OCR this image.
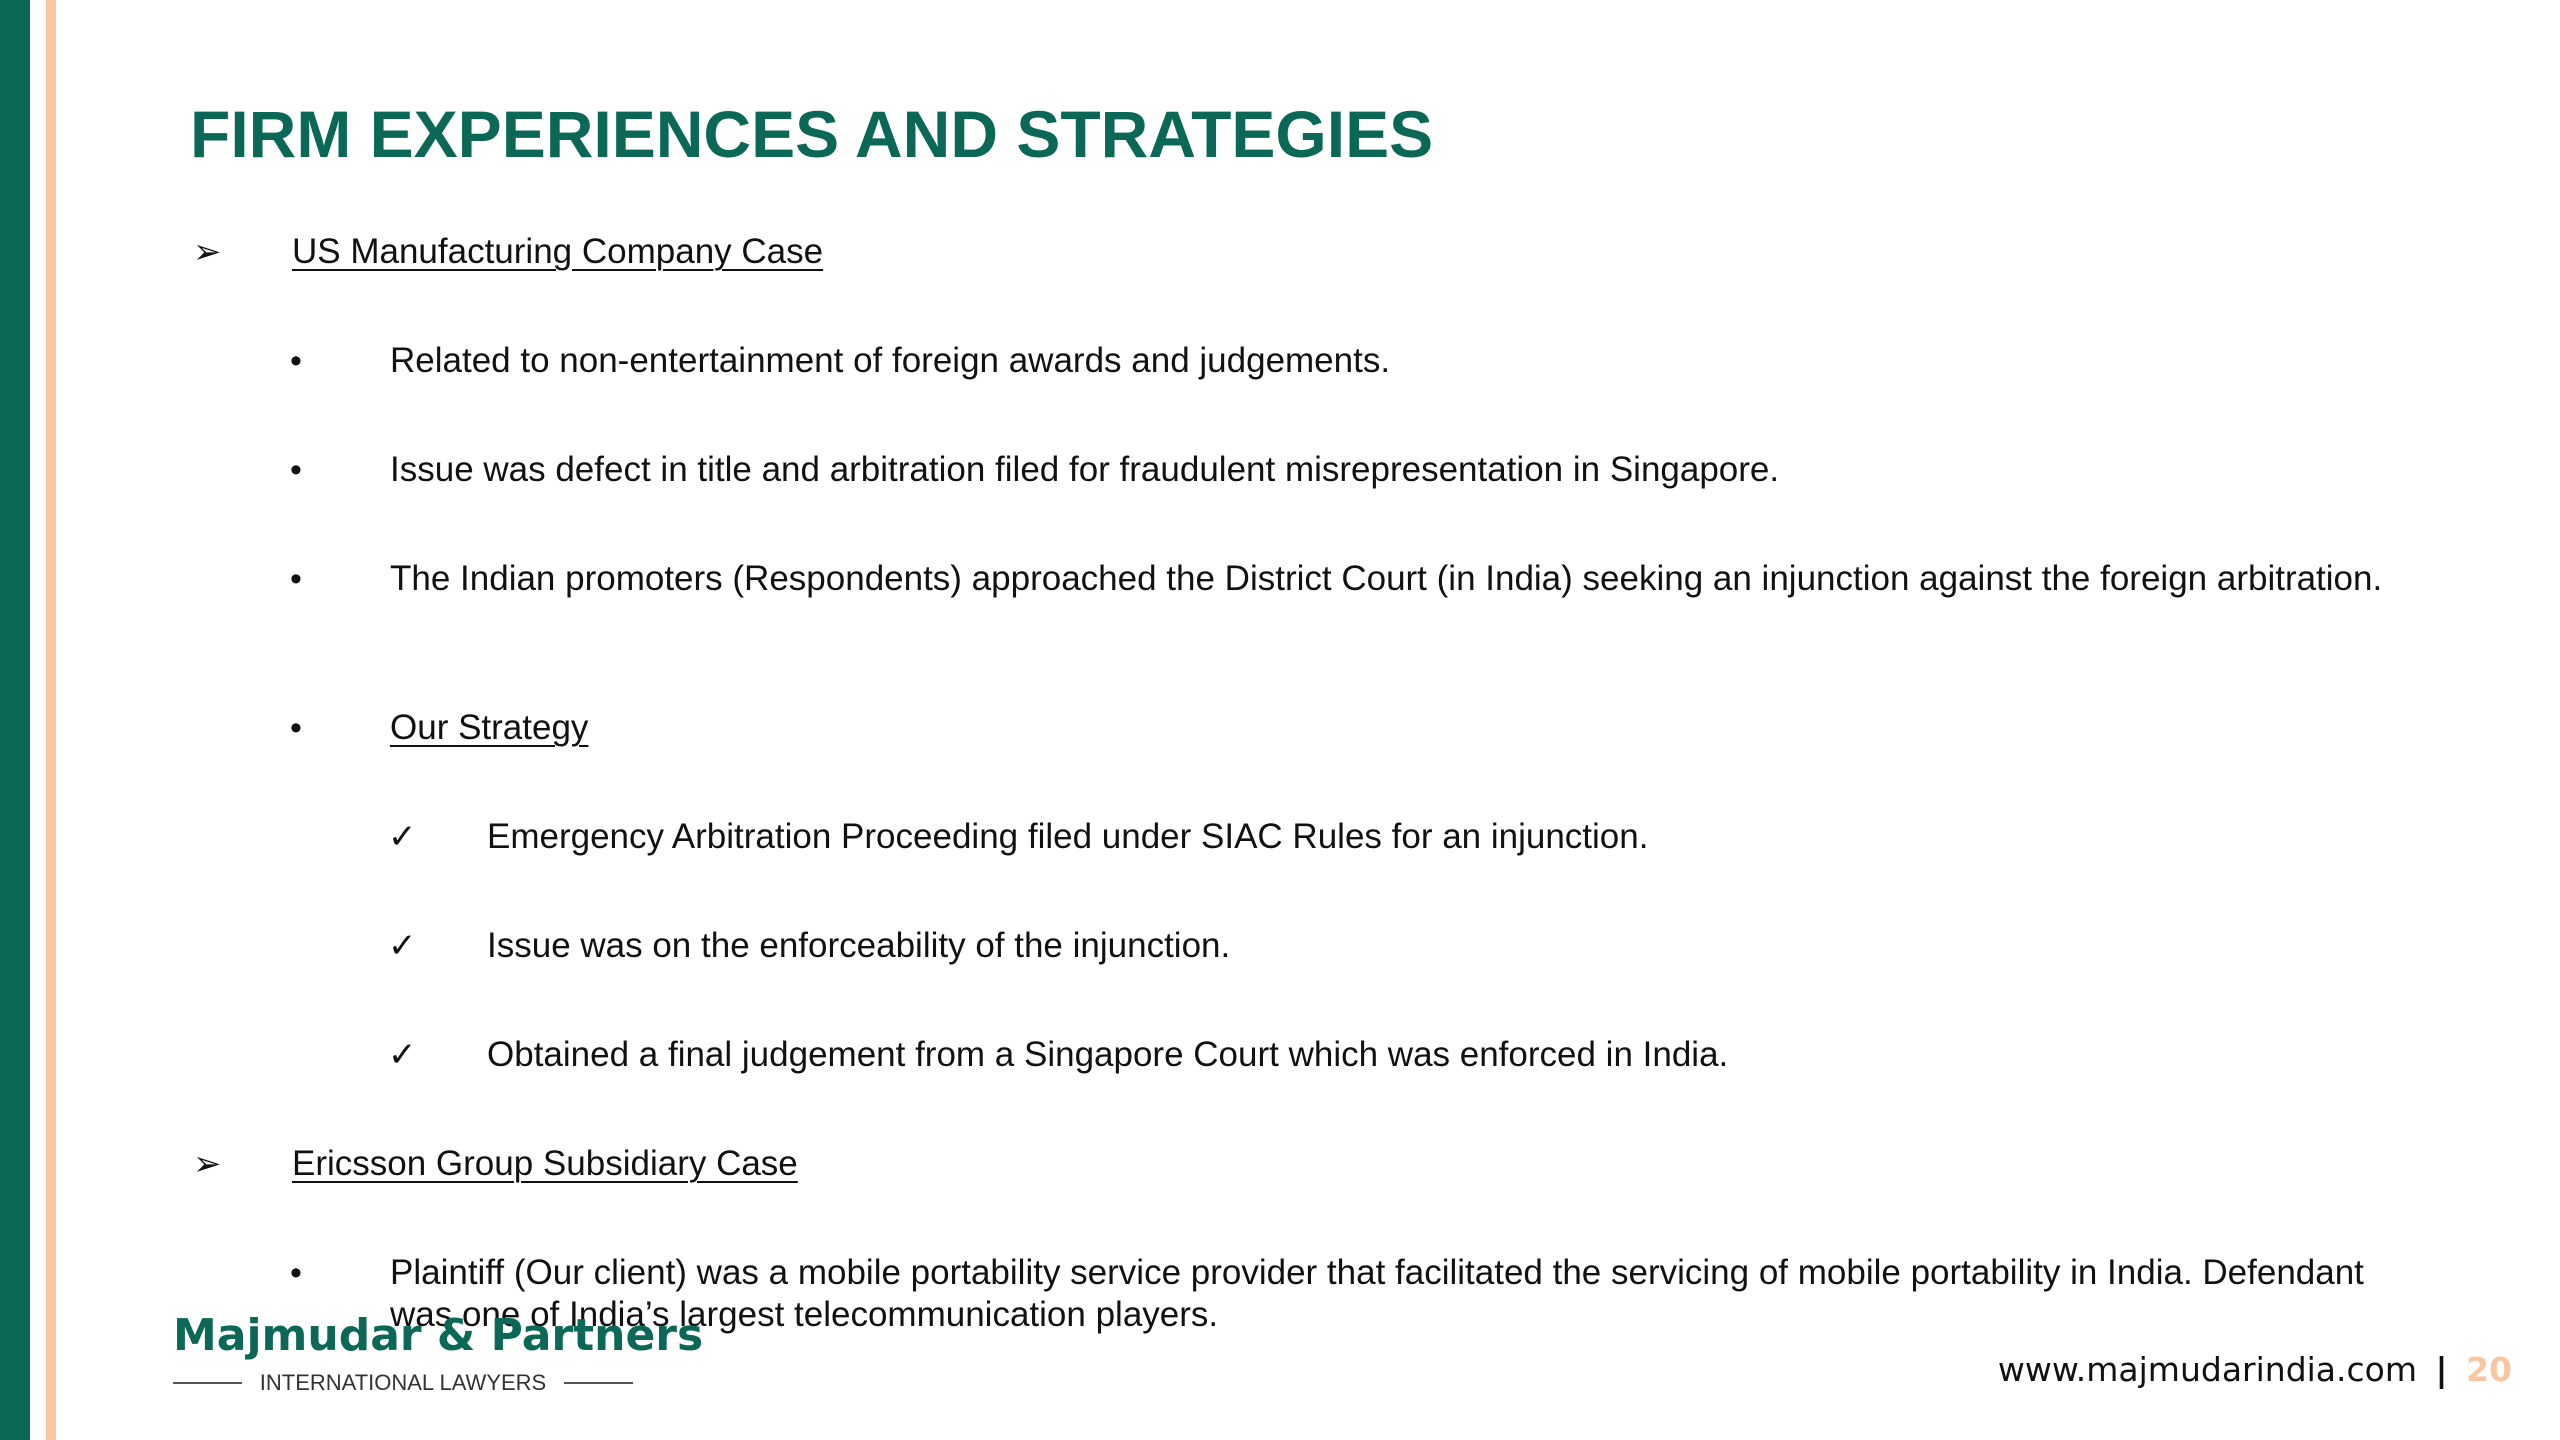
FIRM EXPERIENCES AND STRATEGIES
➢ US Manufacturing Company Case
•	Related to non-entertainment of foreign awards and judgements.
•	Issue was defect in title and arbitration filed for fraudulent misrepresentation in Singapore.
•	The Indian promoters (Respondents) approached the District Court (in India) seeking an injunction against the foreign arbitration.
•	Our Strategy
✓ Emergency Arbitration Proceeding filed under SIAC Rules for an injunction.
✓ Issue was on the enforceability of the injunction.
✓ Obtained a final judgement from a Singapore Court which was enforced in India.
➢ Ericsson Group Subsidiary Case
•	Plaintiff (Our client) was a mobile portability service provider that facilitated the servicing of mobile portability in India. Defendant was one of India’s largest telecommunication players.
Majmudar & Partners
INTERNATIONAL LAWYERS	www.majmudarindia.com | 20
